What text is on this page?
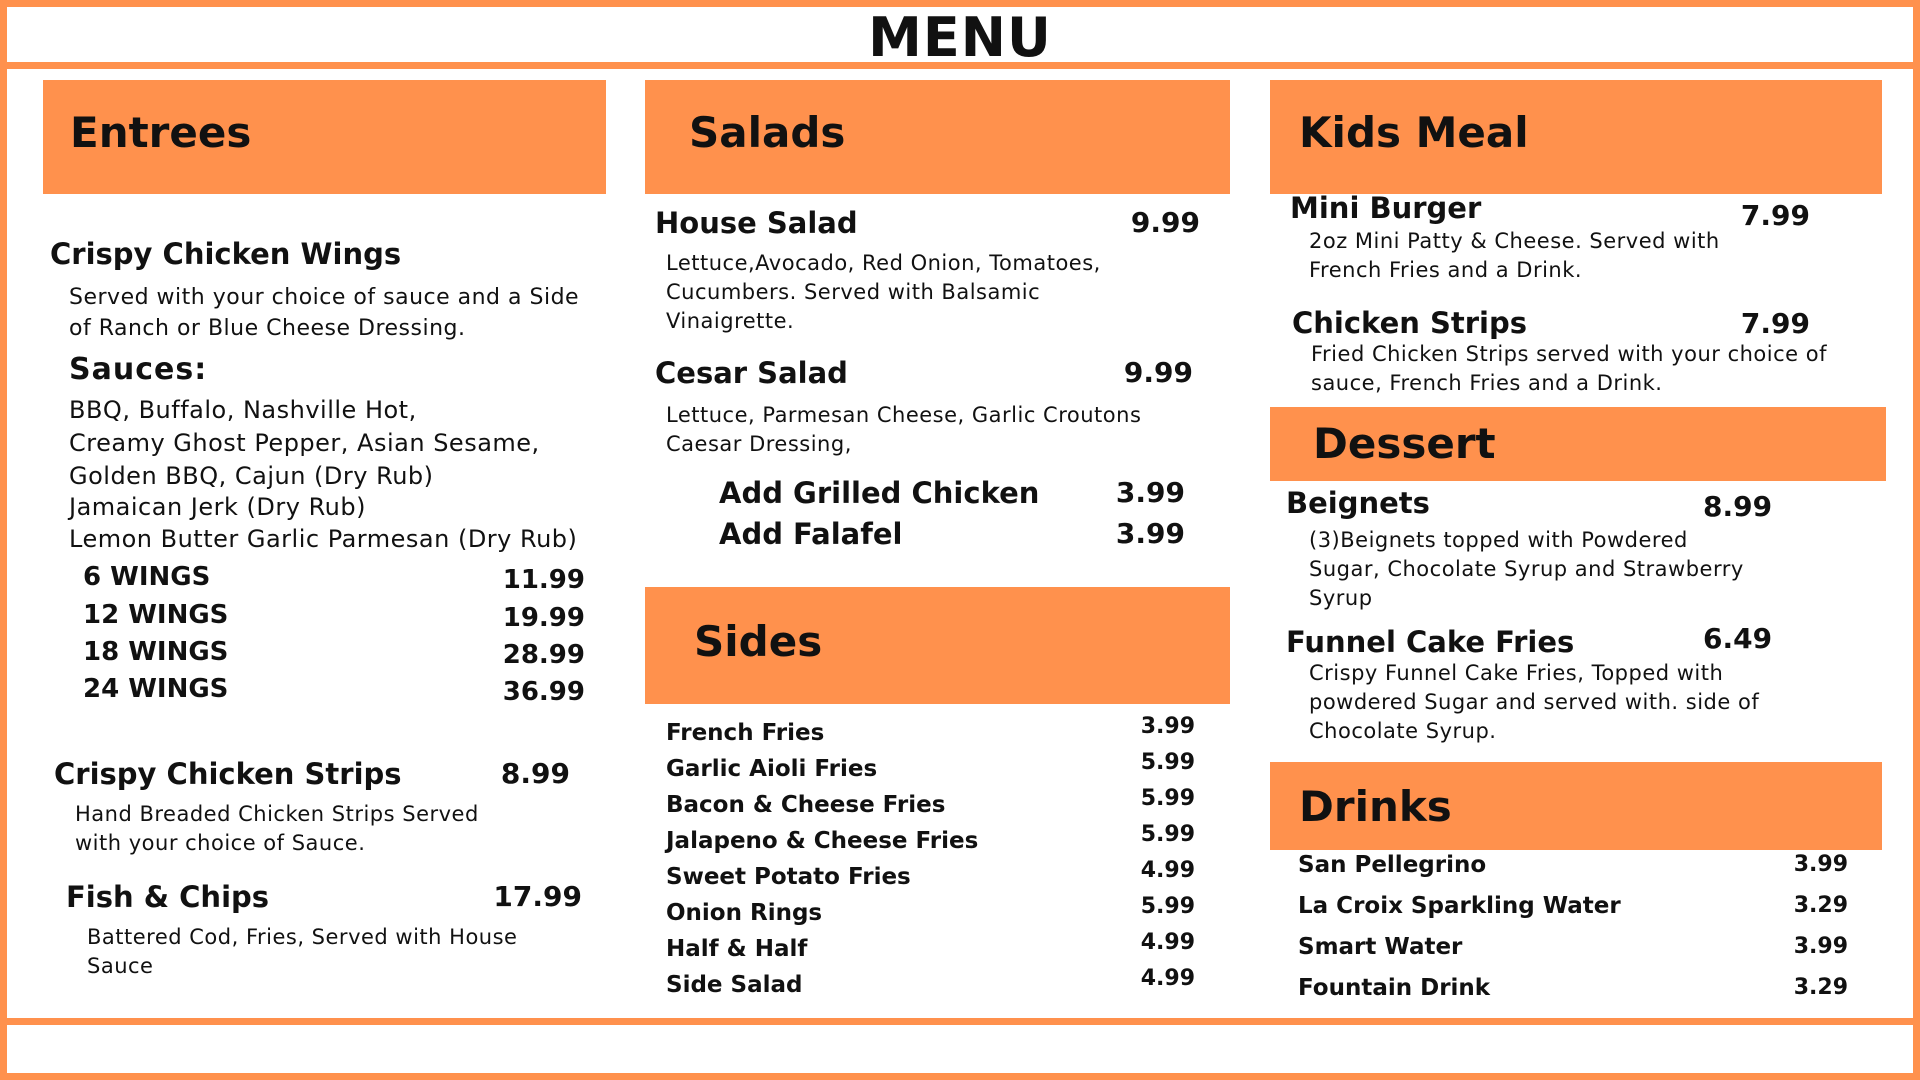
MENU
Entrees
Crispy Chicken Wings
Served with your choice of sauce and a Side of Ranch or Blue Cheese Dressing.
Sauces:
BBQ, Buffalo, Nashville Hot,
Creamy Ghost Pepper, Asian Sesame,
Golden BBQ, Cajun (Dry Rub)
Jamaican Jerk (Dry Rub)
Lemon Butter Garlic Parmesan (Dry Rub)
6 WINGS	11.99
12 WINGS	19.99
18 WINGS	28.99
24 WINGS	36.99
Crispy Chicken Strips	8.99
Hand Breaded Chicken Strips Served with your choice of Sauce.
Fish & Chips	17.99
Battered Cod, Fries, Served with House Sauce
Salads
House Salad	9.99
Lettuce,Avocado, Red Onion, Tomatoes, Cucumbers. Served with Balsamic Vinaigrette.
Cesar Salad	9.99
Lettuce, Parmesan Cheese, Garlic Croutons Caesar Dressing,
Add Grilled Chicken	3.99
Add Falafel	3.99
Sides
French Fries	3.99
Garlic Aioli Fries	5.99
Bacon & Cheese Fries	5.99
Jalapeno & Cheese Fries	5.99
Sweet Potato Fries	4.99
Onion Rings	5.99
Half & Half	4.99
Side Salad	4.99
Kids Meal
Mini Burger	7.99
2oz Mini Patty & Cheese. Served with French Fries and a Drink.
Chicken Strips	7.99
Fried Chicken Strips served with your choice of sauce, French Fries and a Drink.
Dessert
Beignets	8.99
(3)Beignets topped with Powdered Sugar, Chocolate Syrup and Strawberry Syrup
Funnel Cake Fries	6.49
Crispy Funnel Cake Fries, Topped with powdered Sugar and served with. side of Chocolate Syrup.
Drinks
San Pellegrino	3.99
La Croix Sparkling Water	3.29
Smart Water	3.99
Fountain Drink	3.29
